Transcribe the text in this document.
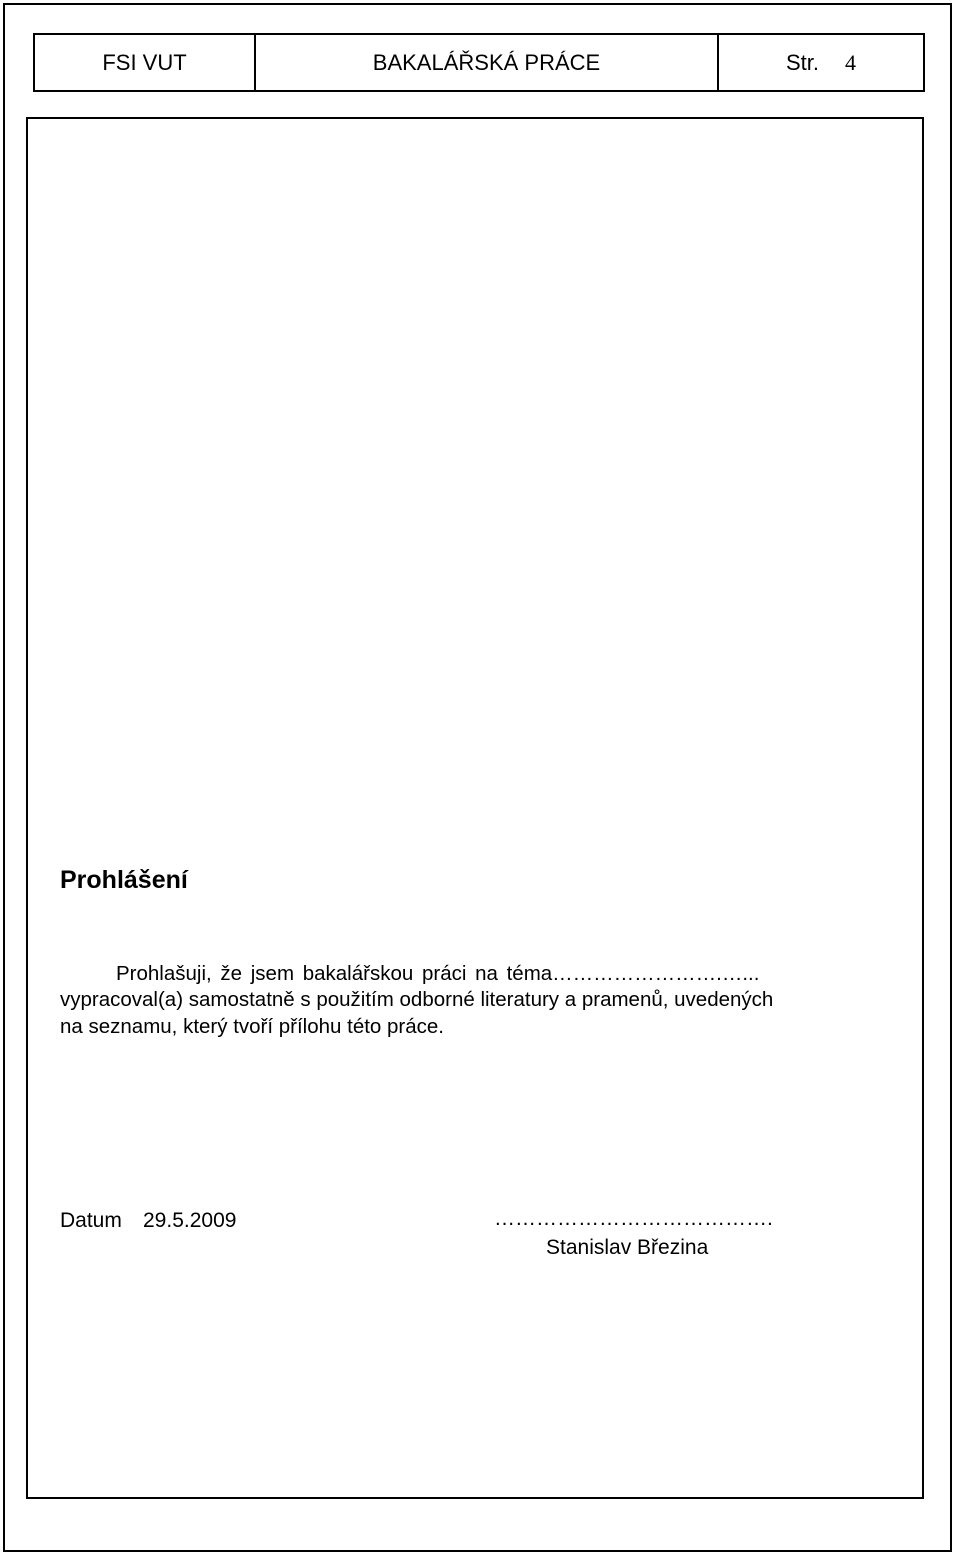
FSI VUT	BAKALÁŘSKÁ PRÁCE	Str. 4
Prohlášení

Prohlašuji, že jsem bakalářskou práci na téma…………………….…...

vypracoval(a) samostatně s použitím odborné literatury a pramenů, uvedených

na seznamu, který tvoří přílohu této práce.

Datum 29.5.2009	………………………………….
Stanislav Březina
